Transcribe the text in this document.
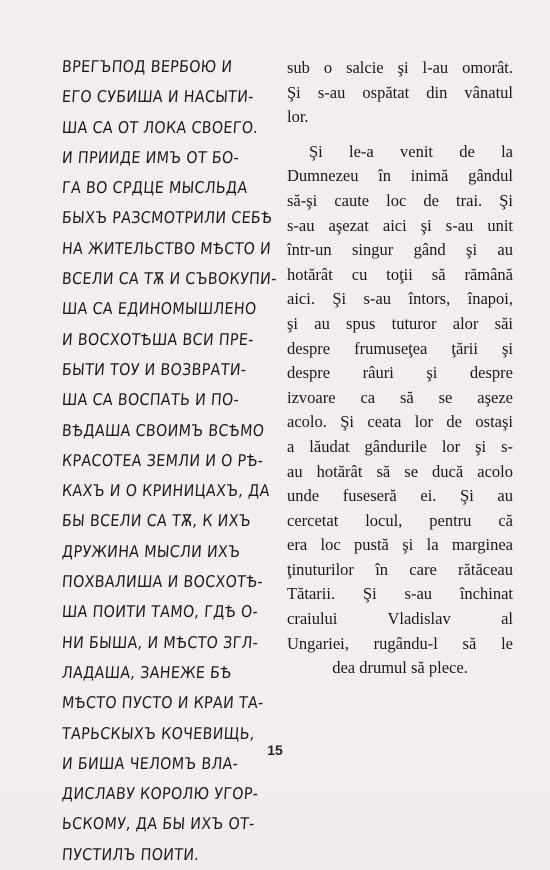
ВРЕГЪПОД ВЕРБОЮ И
ЕГО СУБИША И НАСЫТИ-
ША СА ОТ ЛОКА СВОЕГО.
И ПРИИДЕ ИМЪ ОТ БО-
ГА ВО СРДЦЕ МЫСЛЬДА
БЫХЪ РАЗСМОТРИЛИ СЕБѢ
НА ЖИТЕЛЬСТВО МѢСТО И
ВСЕЛИ СА ТѪ И СЪВОКУПИ-
ША СА ЕДИНОМЫШЛЕНО
И ВОСХОТѢША ВСИ ПРЕ-
БЫТИ ТОУ И ВОЗВРАТИ-
ША СА ВОСПАТЬ И ПО-
ВѢДАША СВОИМЪ ВСѢМО
КРАСОТЕА ЗЕМЛИ И О РѢ-
КАХЪ И О КРИНИЦАХЪ, ДА
БЫ ВСЕЛИ СА ТѪ, К ИХЪ
ДРУЖИНА МЫСЛИ ИХЪ
ПОХВАЛИША И ВОСХОТѢ-
ША ПОИТИ ТАМО, ГДѢ О-
НИ БЫША, И МѢСТО ЗГЛ-
ЛАДАША, ЗАНЕЖЕ БѢ
МѢСТО ПУСТО И КРАИ ТА-
ТАРЬСКЫХЪ КОЧЕВИЩЬ,
И БИША ЧЕЛОМЪ ВЛА-
ДИСЛАВУ КОРОЛЮ УГОР-
ЬСКОМУ, ДА БЫ ИХЪ ОТ-
ПУСТИЛЪ ПОИТИ.
sub o salcie şi l-au omorât.
Şi s-au ospătat din vânatul
lor.
Şi le-a venit de la
Dumnezeu în inimă gândul
să-şi caute loc de trai. Şi
s-au aşezat aici şi s-au unit
într-un singur gând şi au
hotărât cu toţii să rămână
aici. Şi s-au întors, înapoi,
şi au spus tuturor alor săi
despre frumuseţea ţării şi
despre râuri şi despre
izvoare ca să se aşeze
acolo. Şi ceata lor de ostaşi
a lăudat gândurile lor şi s-
au hotărât să se ducă acolo
unde fuseseră ei. Şi au
cercetat locul, pentru că
era loc pustă şi la marginea
ţinuturilor în care rătăceau
Tătarii. Şi s-au închinat
craiului Vladislav al
Ungariei, rugându-l să le
dea drumul să plece.
15
